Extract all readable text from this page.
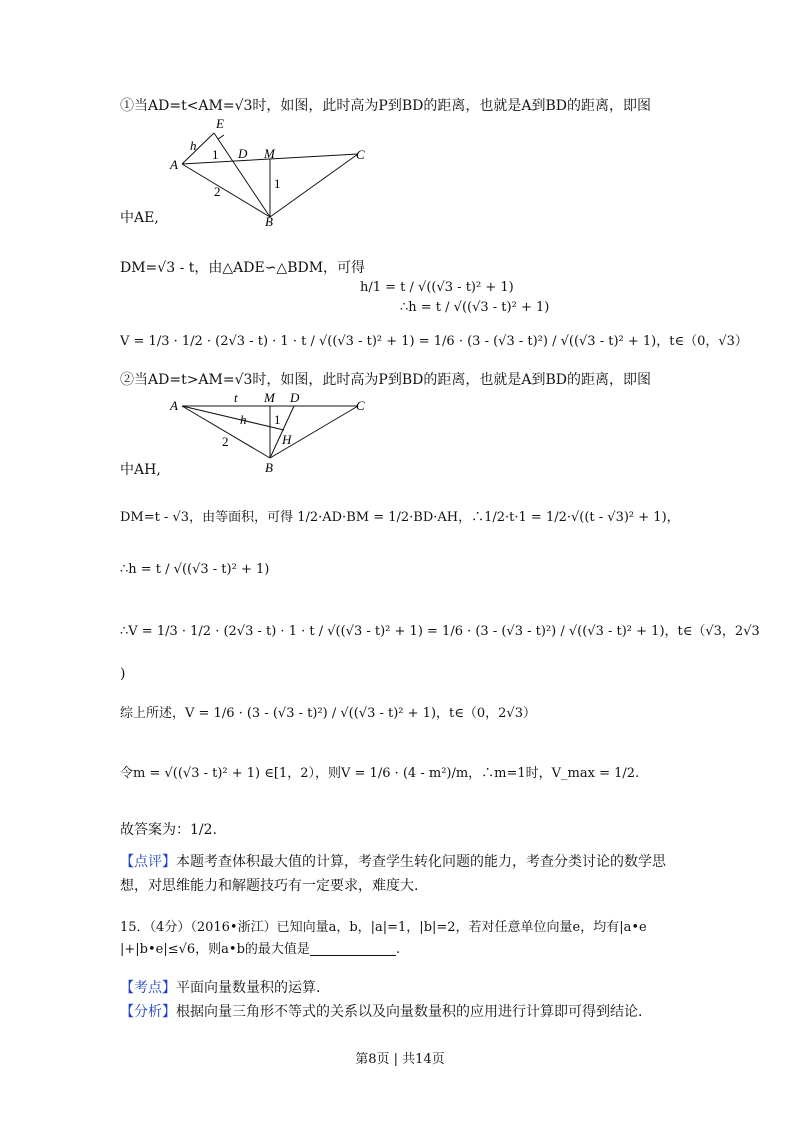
①当AD=t<AM=√3时，如图，此时高为P到BD的距离，也就是A到BD的距离，即图
E
h
A
1 D M	C
1
2
B
中AE,
DM=√3 - t，由△ADE∽△BDM，可得
h/1 = t / √((√3 - t)² + 1)
∴h = t / √((√3 - t)² + 1)
V = 1/3 · 1/2 · (2√3 - t) · 1 · t / √((√3 - t)² + 1) = 1/6 · (3 - (√3 - t)²) / √((√3 - t)² + 1)，t∈（0，√3）
②当AD=t>AM=√3时，如图，此时高为P到BD的距离，也就是A到BD的距离，即图
A
t M D
C
h 1
2	H
B
中AH,
DM=t - √3，由等面积，可得 1/2·AD·BM = 1/2·BD·AH，∴1/2·t·1 = 1/2·√((t - √3)² + 1)，
∴h = t / √((√3 - t)² + 1)
∴V = 1/3 · 1/2 · (2√3 - t) · 1 · t / √((√3 - t)² + 1) = 1/6 · (3 - (√3 - t)²) / √((√3 - t)² + 1)，t∈（√3，2√3
)
综上所述，V = 1/6 · (3 - (√3 - t)²) / √((√3 - t)² + 1)，t∈（0，2√3）
令m = √((√3 - t)² + 1) ∈[1，2），则V = 1/6 · (4 - m²)/m，∴m=1时，V_max = 1/2.
故答案为：1/2.
【点评】本题考查体积最大值的计算，考查学生转化问题的能力，考查分类讨论的数学思
想，对思维能力和解题技巧有一定要求，难度大.
15．（4分）（2016•浙江）已知向量a，b，|a|=1，|b|=2，若对任意单位向量e，均有|a•e
|+|b•e|≤√6，则a•b的最大值是	.
【考点】平面向量数量积的运算.
【分析】根据向量三角形不等式的关系以及向量数量积的应用进行计算即可得到结论.
第8页 | 共14页
